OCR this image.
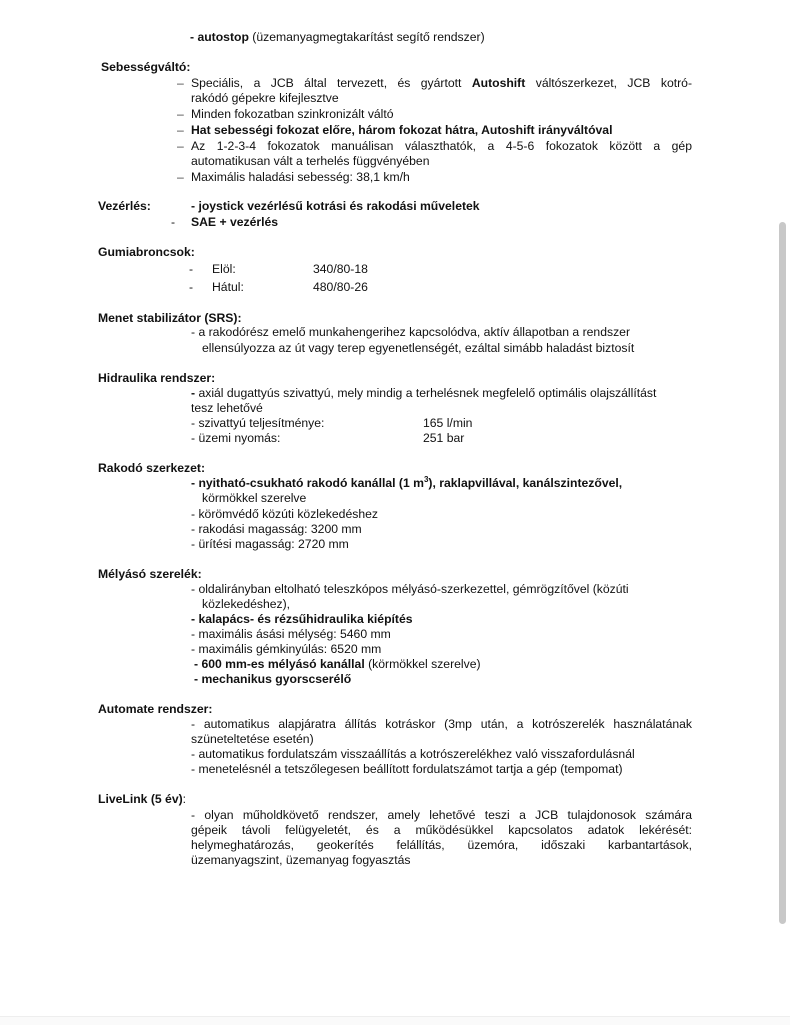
- autostop (üzemanyagmegtakarítást segítő rendszer)
Sebességváltó:
– Speciális, a JCB által tervezett, és gyártott Autoshift váltószerkezet, JCB kotró-
rakódó gépekre kifejlesztve
– Minden fokozatban szinkronizált váltó
– Hat sebességi fokozat előre, három fokozat hátra, Autoshift irányváltóval
– Az 1-2-3-4 fokozatok manuálisan választhatók, a 4-5-6 fokozatok között a gép
automatikusan vált a terhelés függvényében
– Maximális haladási sebesség: 38,1 km/h
Vezérlés:	- joystick vezérlésű kotrási és rakodási műveletek
- SAE + vezérlés
Gumiabroncsok:
- Elöl:	340/80-18
- Hátul:	480/80-26
Menet stabilizátor (SRS):
- a rakodórész emelő munkahengerihez kapcsolódva, aktív állapotban a rendszer
ellensúlyozza az út vagy terep egyenetlenségét, ezáltal simább haladást biztosít
Hidraulika rendszer:
- axiál dugattyús szivattyú, mely mindig a terhelésnek megfelelő optimális olajszállítást
tesz lehetővé
- szivattyú teljesítménye:	165 l/min
- üzemi nyomás:	251 bar
Rakodó szerkezet:
- nyitható-csukható rakodó kanállal (1 $m^3$), raklapvillával, kanálszintezővel,
körmökkel szerelve
- körömvédő közúti közlekedéshez
- rakodási magasság: 3200 mm
- ürítési magasság: 2720 mm
Mélyásó szerelék:
- oldalirányban eltolható teleszkópos mélyásó-szerkezettel, gémrögzítővel (közúti
közlekedéshez),
- kalapács- és rézsűhidraulika kiépítés
- maximális ásási mélység: 5460 mm
- maximális gémkinyúlás: 6520 mm
- 600 mm-es mélyásó kanállal (körmökkel szerelve)
- mechanikus gyorscserélő
Automate rendszer:
- automatikus alapjáratra állítás kotráskor (3mp után, a kotrószerelék használatának
szüneteltetése esetén)
- automatikus fordulatszám visszaállítás a kotrószerelékhez való visszafordulásnál
- menetelésnél a tetszőlegesen beállított fordulatszámot tartja a gép (tempomat)
LiveLink (5 év):
- olyan műholdkövető rendszer, amely lehetővé teszi a JCB tulajdonosok számára
gépeik távoli felügyeletét, és a működésükkel kapcsolatos adatok lekérését:
helymeghatározás, geokerítés felállítás, üzemóra, időszaki karbantartások,
üzemanyagszint, üzemanyag fogyasztás
